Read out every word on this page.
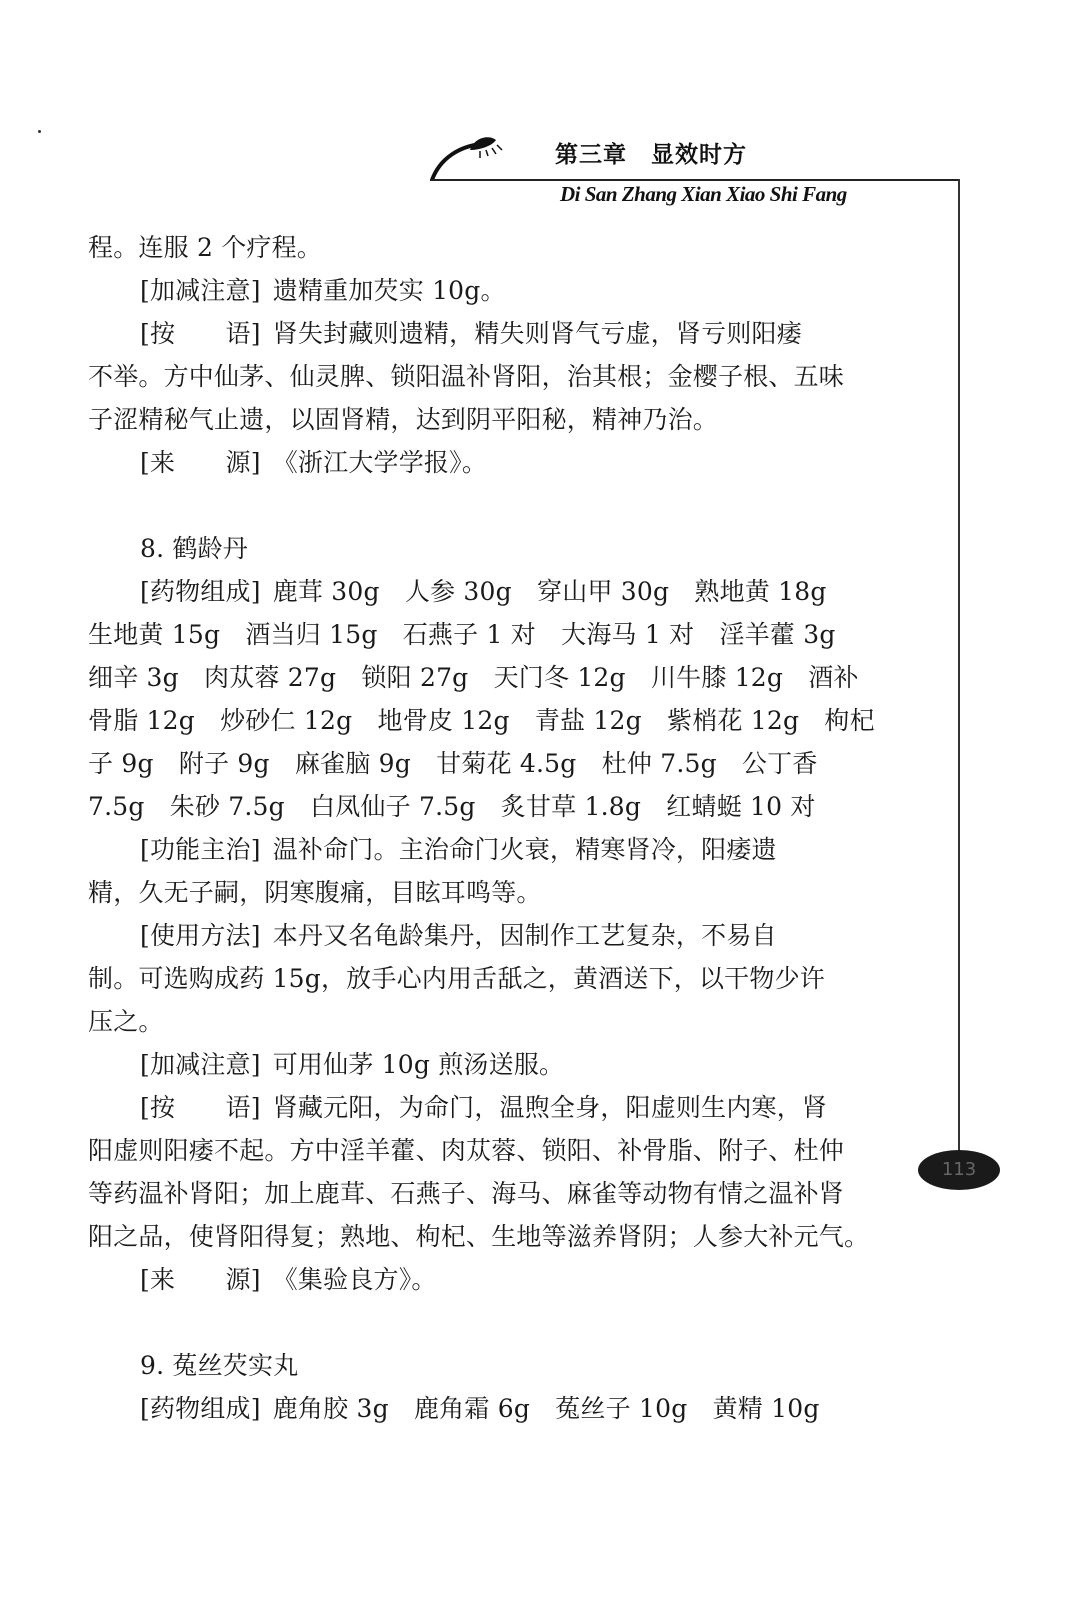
第三章　显效时方
Di San Zhang Xian Xiao Shi Fang
113
程。连服 2 个疗程。
[加减注意] 遗精重加芡实 10g。
[按　　语] 肾失封藏则遗精，精失则肾气亏虚，肾亏则阳痿
不举。方中仙茅、仙灵脾、锁阳温补肾阳，治其根；金樱子根、五味
子涩精秘气止遗，以固肾精，达到阴平阳秘，精神乃治。
[来　　源] 《浙江大学学报》。
8. 鹤龄丹
[药物组成] 鹿茸 30g　人参 30g　穿山甲 30g　熟地黄 18g
生地黄 15g　酒当归 15g　石燕子 1 对　大海马 1 对　淫羊藿 3g
细辛 3g　肉苁蓉 27g　锁阳 27g　天门冬 12g　川牛膝 12g　酒补
骨脂 12g　炒砂仁 12g　地骨皮 12g　青盐 12g　紫梢花 12g　枸杞
子 9g　附子 9g　麻雀脑 9g　甘菊花 4.5g　杜仲 7.5g　公丁香
7.5g　朱砂 7.5g　白凤仙子 7.5g　炙甘草 1.8g　红蜻蜓 10 对
[功能主治] 温补命门。主治命门火衰，精寒肾冷，阳痿遗
精，久无子嗣，阴寒腹痛，目眩耳鸣等。
[使用方法] 本丹又名龟龄集丹，因制作工艺复杂，不易自
制。可选购成药 15g，放手心内用舌舐之，黄酒送下，以干物少许
压之。
[加减注意] 可用仙茅 10g 煎汤送服。
[按　　语] 肾藏元阳，为命门，温煦全身，阳虚则生内寒，肾
阳虚则阳痿不起。方中淫羊藿、肉苁蓉、锁阳、补骨脂、附子、杜仲
等药温补肾阳；加上鹿茸、石燕子、海马、麻雀等动物有情之温补肾
阳之品，使肾阳得复；熟地、枸杞、生地等滋养肾阴；人参大补元气。
[来　　源] 《集验良方》。
9. 菟丝芡实丸
[药物组成] 鹿角胶 3g　鹿角霜 6g　菟丝子 10g　黄精 10g
